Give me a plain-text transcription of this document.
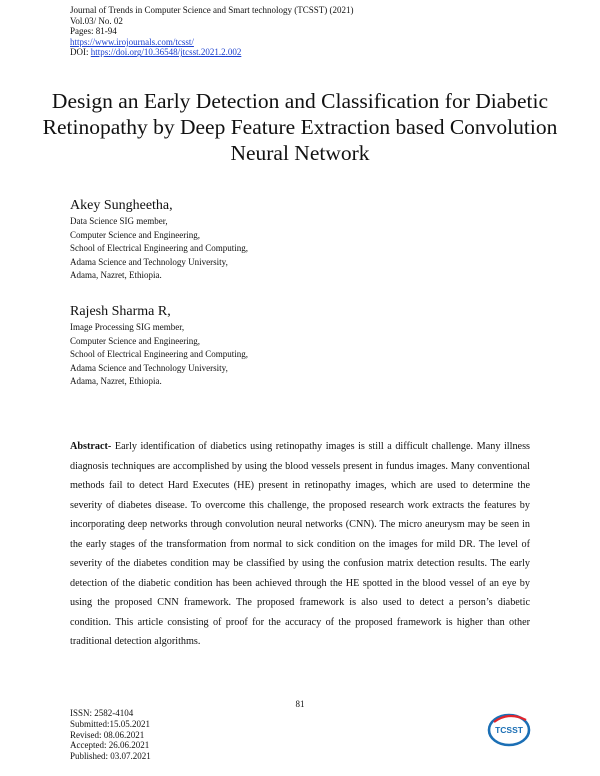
Journal of Trends in Computer Science and Smart technology (TCSST) (2021)
Vol.03/ No. 02
Pages: 81-94
https://www.irojournals.com/tcsst/
DOI: https://doi.org/10.36548/jtcsst.2021.2.002
Design an Early Detection and Classification for Diabetic Retinopathy by Deep Feature Extraction based Convolution Neural Network
Akey Sungheetha,
Data Science SIG member,
Computer Science and Engineering,
School of Electrical Engineering and Computing,
Adama Science and Technology University,
Adama, Nazret, Ethiopia.
Rajesh Sharma R,
Image Processing SIG member,
Computer Science and Engineering,
School of Electrical Engineering and Computing,
Adama Science and Technology University,
Adama, Nazret, Ethiopia.

Abstract- Early identification of diabetics using retinopathy images is still a difficult challenge. Many illness diagnosis techniques are accomplished by using the blood vessels present in fundus images. Many conventional methods fail to detect Hard Executes (HE) present in retinopathy images, which are used to determine the severity of diabetes disease. To overcome this challenge, the proposed research work extracts the features by incorporating deep networks through convolution neural networks (CNN). The micro aneurysm may be seen in the early stages of the transformation from normal to sick condition on the images for mild DR. The level of severity of the diabetes condition may be classified by using the confusion matrix detection results. The early detection of the diabetic condition has been achieved through the HE spotted in the blood vessel of an eye by using the proposed CNN framework. The proposed framework is also used to detect a person’s diabetic condition. This article consisting of proof for the accuracy of the proposed framework is higher than other traditional detection algorithms.

81
ISSN: 2582-4104
Submitted:15.05.2021
Revised: 08.06.2021
Accepted: 26.06.2021
Published: 03.07.2021
TCSST
